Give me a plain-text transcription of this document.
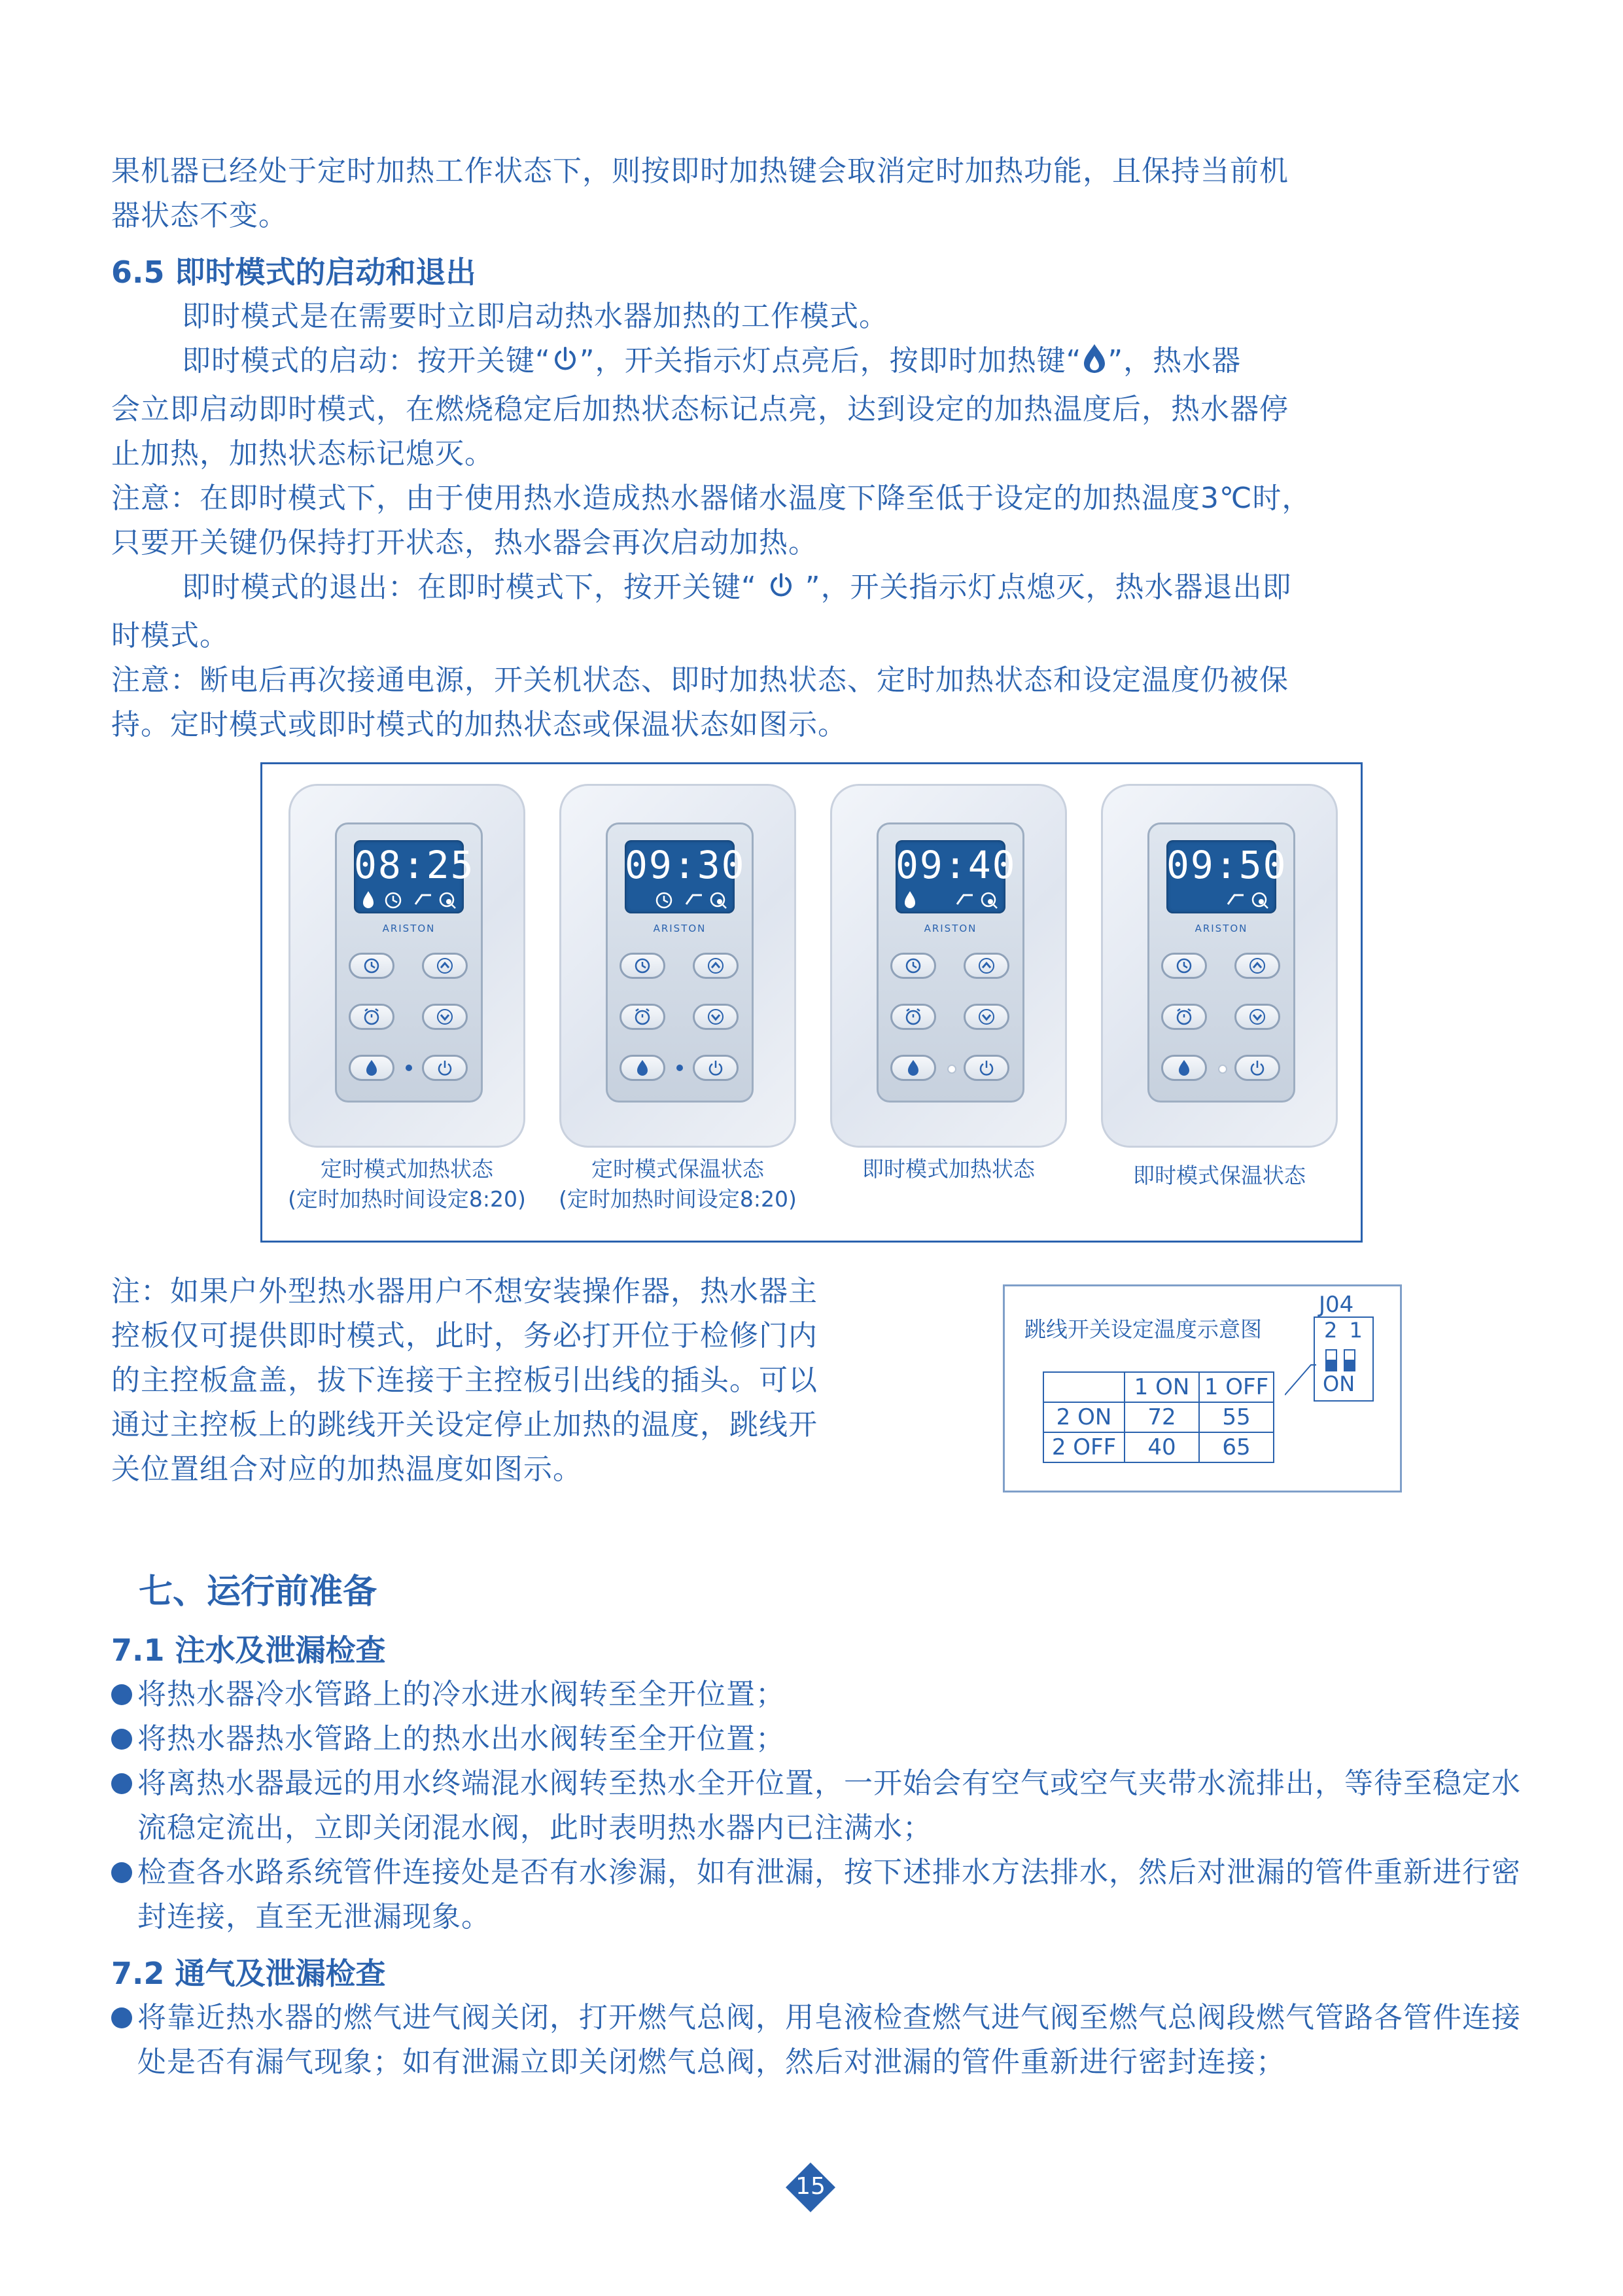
果机器已经处于定时加热工作状态下，则按即时加热键会取消定时加热功能，且保持当前机

器状态不变。

6.5 即时模式的启动和退出

即时模式是在需要时立即启动热水器加热的工作模式。

即时模式的启动：按开关键“ ”，开关指示灯点亮后，按即时加热键“ ”，热水器

会立即启动即时模式，在燃烧稳定后加热状态标记点亮，达到设定的加热温度后，热水器停

止加热，加热状态标记熄灭。

注意：在即时模式下，由于使用热水造成热水器储水温度下降至低于设定的加热温度3℃时，

只要开关键仍保持打开状态，热水器会再次启动加热。

即时模式的退出：在即时模式下，按开关键“  ”，开关指示灯点熄灭，热水器退出即

时模式。

注意：断电后再次接通电源，开关机状态、即时加热状态、定时加热状态和设定温度仍被保

持。定时模式或即时模式的加热状态或保温状态如图示。

08:25
ARISTON
定时模式加热状态
(定时加热时间设定8:20)
09:30
ARISTON
定时模式保温状态
(定时加热时间设定8:20)
09:40
ARISTON
即时模式加热状态
09:50
ARISTON
即时模式保温状态

注：如果户外型热水器用户不想安装操作器，热水器主

控板仅可提供即时模式，此时，务必打开位于检修门内

的主控板盒盖，拔下连接于主控板引出线的插头。可以

通过主控板上的跳线开关设定停止加热的温度，跳线开

关位置组合对应的加热温度如图示。

跳线开关设定温度示意图
J04
2 1
ON
	1 ON	1 OFF
2 ON	72	55
2 OFF	40	65
七、运行前准备
7.1 注水及泄漏检查
将热水器冷水管路上的冷水进水阀转至全开位置；
将热水器热水管路上的热水出水阀转至全开位置；
将离热水器最远的用水终端混水阀转至热水全开位置，一开始会有空气或空气夹带水流排出，等待至稳定水流稳定流出，立即关闭混水阀，此时表明热水器内已注满水；
检查各水路系统管件连接处是否有水渗漏，如有泄漏，按下述排水方法排水，然后对泄漏的管件重新进行密封连接，直至无泄漏现象。
7.2 通气及泄漏检查
将靠近热水器的燃气进气阀关闭，打开燃气总阀，用皂液检查燃气进气阀至燃气总阀段燃气管路各管件连接处是否有漏气现象；如有泄漏立即关闭燃气总阀，然后对泄漏的管件重新进行密封连接；
15
